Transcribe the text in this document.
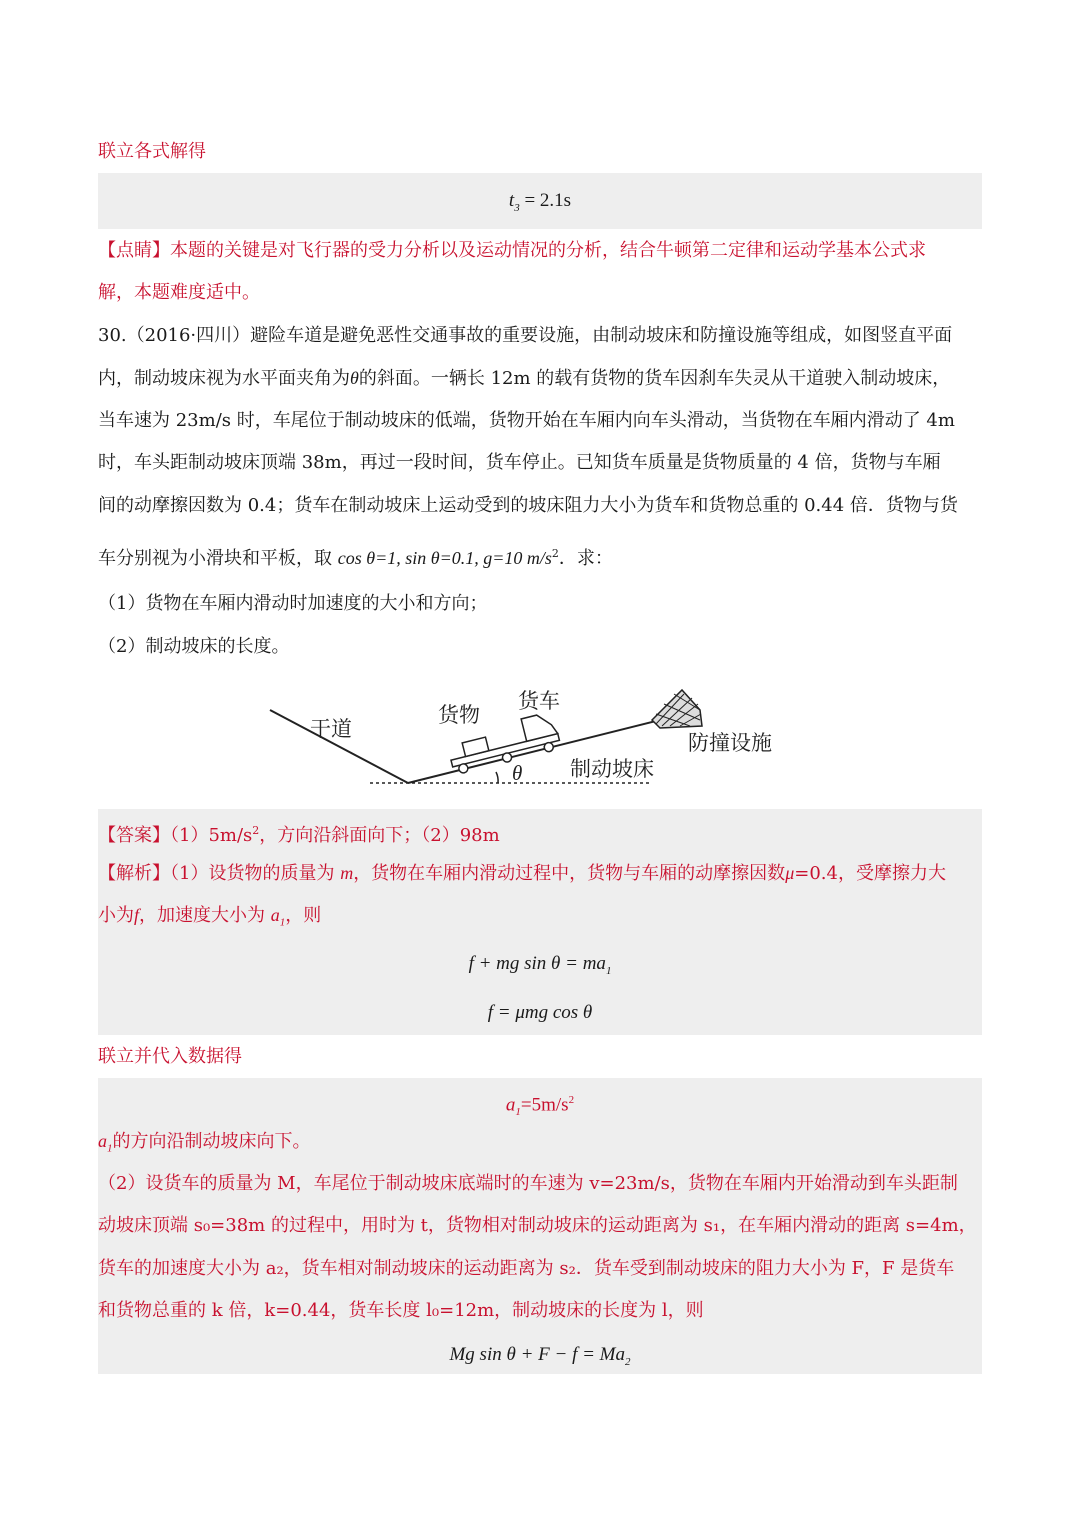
联立各式解得
$t_3 = 2.1s$
【点睛】本题的关键是对飞行器的受力分析以及运动情况的分析，结合牛顿第二定律和运动学基本公式求
解，本题难度适中。
30.（2016·四川）避险车道是避免恶性交通事故的重要设施，由制动坡床和防撞设施等组成，如图竖直平面
内，制动坡床视为水平面夹角为θ的斜面。一辆长 12m 的载有货物的货车因刹车失灵从干道驶入制动坡床，
当车速为 23m/s 时，车尾位于制动坡床的低端，货物开始在车厢内向车头滑动，当货物在车厢内滑动了 4m
时，车头距制动坡床顶端 38m，再过一段时间，货车停止。已知货车质量是货物质量的 4 倍，货物与车厢
间的动摩擦因数为 0.4；货车在制动坡床上运动受到的坡床阻力大小为货车和货物总重的 0.44 倍．货物与货
车分别视为小滑块和平板，取 cos θ=1, sin θ=0.1, g=10 $m/s^2$．求：
（1）货物在车厢内滑动时加速度的大小和方向；
（2）制动坡床的长度。
干道
货物
货车
防撞设施
制动坡床
θ
【答案】$(1)5m/s^2$，方向沿斜面向下；（2）98m
【解析】（1）设货物的质量为 m，货物在车厢内滑动过程中，货物与车厢的动摩擦因数μ=0.4，受摩擦力大
小为f，加速度大小为 $a_1$，则
f + mg $\sin \theta = ma_1$
f = μmg cos θ
联立并代入数据得
$a_1=5m/s^2$
$a_1$的方向沿制动坡床向下。
（2）设货车的质量为 M，车尾位于制动坡床底端时的车速为 v=23m/s，货物在车厢内开始滑动到车头距制
动坡床顶端 s₀=38m 的过程中，用时为 t，货物相对制动坡床的运动距离为 s₁，在车厢内滑动的距离 s=4m，
货车的加速度大小为 a₂，货车相对制动坡床的运动距离为 s₂．货车受到制动坡床的阻力大小为 F，F 是货车
和货物总重的 k 倍，k=0.44，货车长度 l₀=12m，制动坡床的长度为 l，则
Mg $\sin \theta + F - f = Ma_2$
